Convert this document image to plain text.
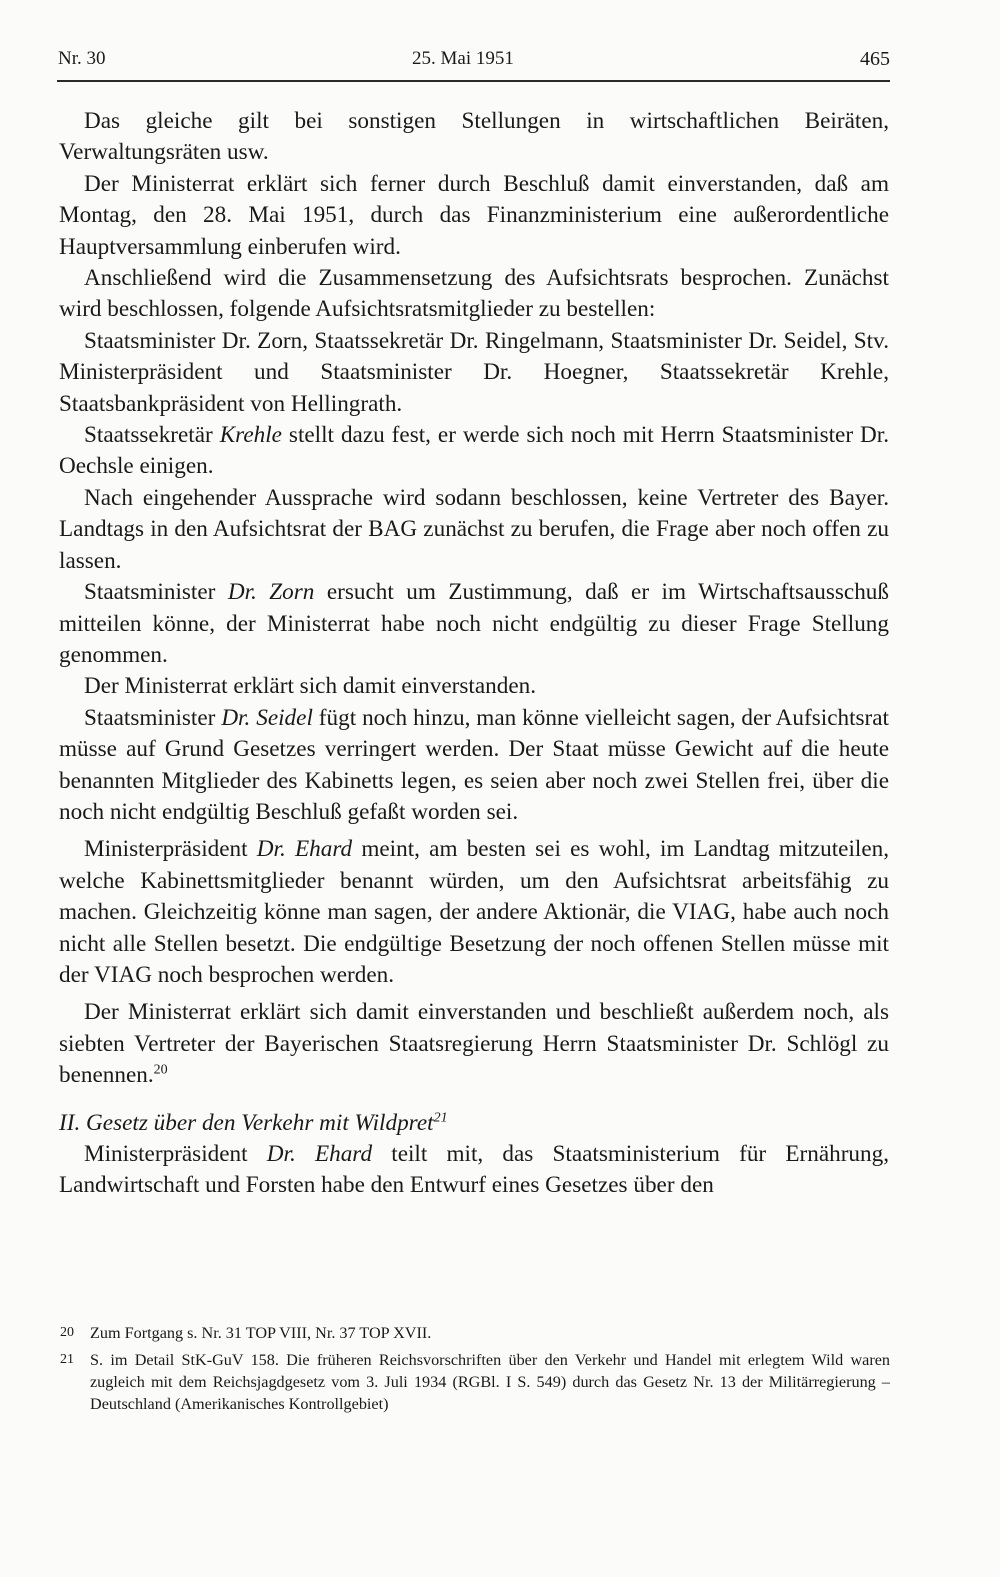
Nr. 30	25. Mai 1951	465

Das gleiche gilt bei sonstigen Stellungen in wirtschaftlichen Beiräten, Verwaltungsräten usw.

Der Ministerrat erklärt sich ferner durch Beschluß damit einverstanden, daß am Montag, den 28. Mai 1951, durch das Finanzministerium eine außerordentliche Hauptversammlung einberufen wird.

Anschließend wird die Zusammensetzung des Aufsichtsrats besprochen. Zunächst wird beschlossen, folgende Aufsichtsratsmitglieder zu bestellen:

Staatsminister Dr. Zorn, Staatssekretär Dr. Ringelmann, Staatsminister Dr. Seidel, Stv. Ministerpräsident und Staatsminister Dr. Hoegner, Staatssekretär Krehle, Staatsbankpräsident von Hellingrath.

Staatssekretär Krehle stellt dazu fest, er werde sich noch mit Herrn Staatsminister Dr. Oechsle einigen.

Nach eingehender Aussprache wird sodann beschlossen, keine Vertreter des Bayer. Landtags in den Aufsichtsrat der BAG zunächst zu berufen, die Frage aber noch offen zu lassen.

Staatsminister Dr. Zorn ersucht um Zustimmung, daß er im Wirtschaftsausschuß mitteilen könne, der Ministerrat habe noch nicht endgültig zu dieser Frage Stellung genommen.

Der Ministerrat erklärt sich damit einverstanden.

Staatsminister Dr. Seidel fügt noch hinzu, man könne vielleicht sagen, der Aufsichtsrat müsse auf Grund Gesetzes verringert werden. Der Staat müsse Gewicht auf die heute benannten Mitglieder des Kabinetts legen, es seien aber noch zwei Stellen frei, über die noch nicht endgültig Beschluß gefaßt worden sei.

Ministerpräsident Dr. Ehard meint, am besten sei es wohl, im Landtag mitzuteilen, welche Kabinettsmitglieder benannt würden, um den Aufsichtsrat arbeitsfähig zu machen. Gleichzeitig könne man sagen, der andere Aktionär, die VIAG, habe auch noch nicht alle Stellen besetzt. Die endgültige Besetzung der noch offenen Stellen müsse mit der VIAG noch besprochen werden.

Der Ministerrat erklärt sich damit einverstanden und beschließt außerdem noch, als siebten Vertreter der Bayerischen Staatsregierung Herrn Staatsminister Dr. Schlögl zu benennen.$^{20}$

II. Gesetz über den Verkehr mit Wildpret$^{21}$

Ministerpräsident Dr. Ehard teilt mit, das Staatsministerium für Ernährung, Landwirtschaft und Forsten habe den Entwurf eines Gesetzes über den

20 Zum Fortgang s. Nr. 31 TOP VIII, Nr. 37 TOP XVII.
21 S. im Detail StK-GuV 158. Die früheren Reichsvorschriften über den Verkehr und Handel mit erlegtem Wild waren zugleich mit dem Reichsjagdgesetz vom 3. Juli 1934 (RGBl. I S. 549) durch das Gesetz Nr. 13 der Militärregierung – Deutschland (Amerikanisches Kontrollgebiet)
